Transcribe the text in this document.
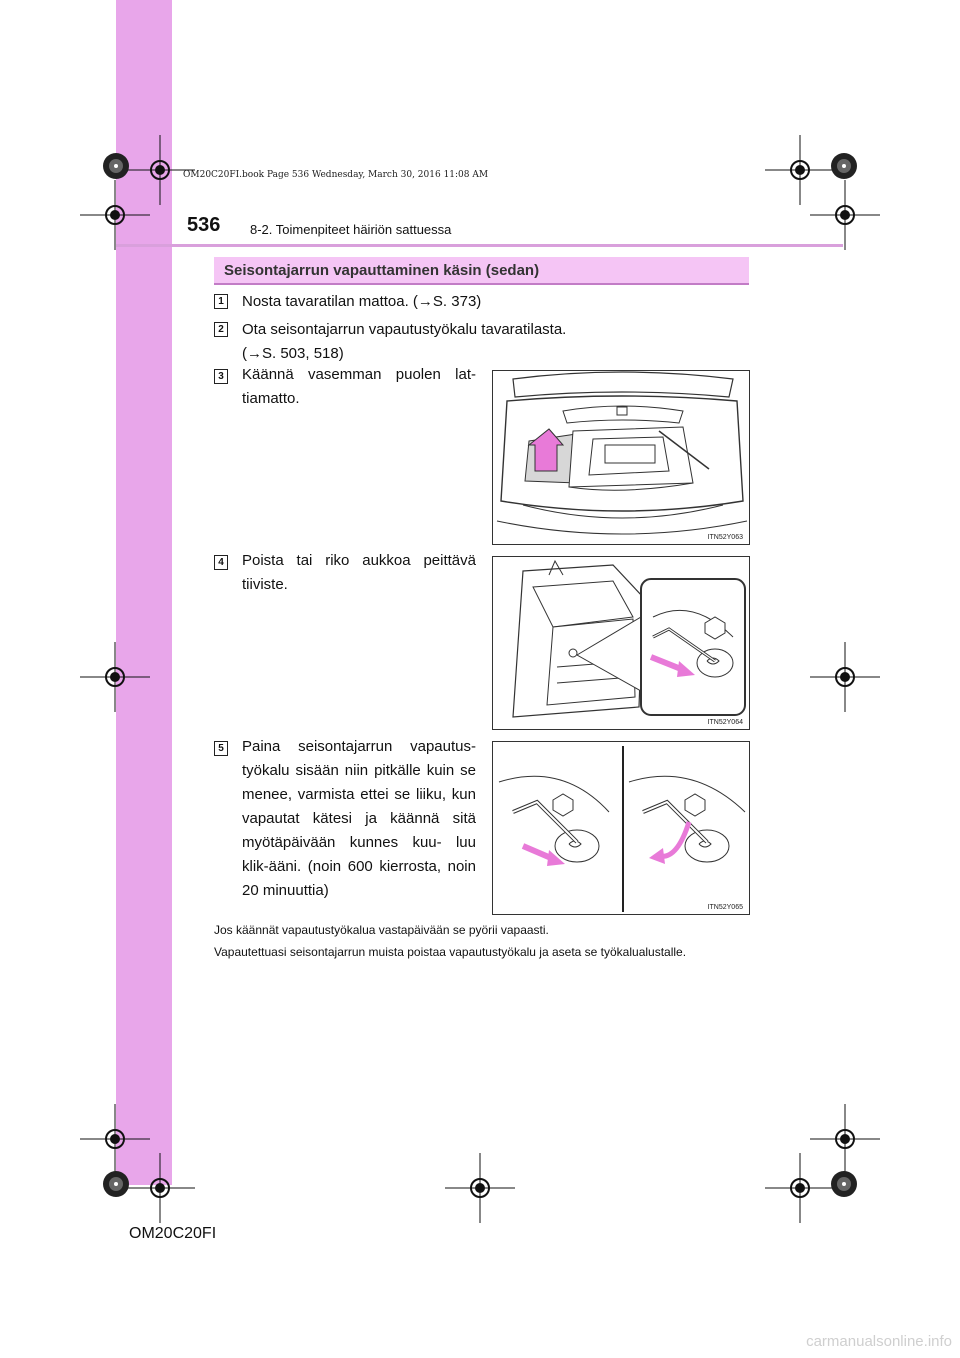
OM20C20FI.book Page 536 Wednesday, March 30, 2016 11:08 AM
536 8-2. Toimenpiteet häiriön sattuessa
Seisontajarrun vapauttaminen käsin (sedan)
1 Nosta tavaratilan mattoa. (→S. 373)
2 Ota seisontajarrun vapautustyökalu tavaratilasta.
(→S. 503, 518)
3 Käännä vasemman puolen lat- tiamatto.
ITN52Y063
4 Poista tai riko aukkoa peittävä tiiviste.
ITN52Y064
5 Paina seisontajarrun vapautus- työkalu sisään niin pitkälle kuin se menee, varmista ettei se liiku, kun vapautat kätesi ja käännä sitä myötäpäivään kunnes kuu- luu klik-ääni. (noin 600 kierrosta, noin 20 minuuttia)
ITN52Y065
Jos käännät vapautustyökalua vastapäivään se pyörii vapaasti.
Vapautettuasi seisontajarrun muista poistaa vapautustyökalu ja aseta se työkalualustalle.
OM20C20FI
carmanualsonline.info
